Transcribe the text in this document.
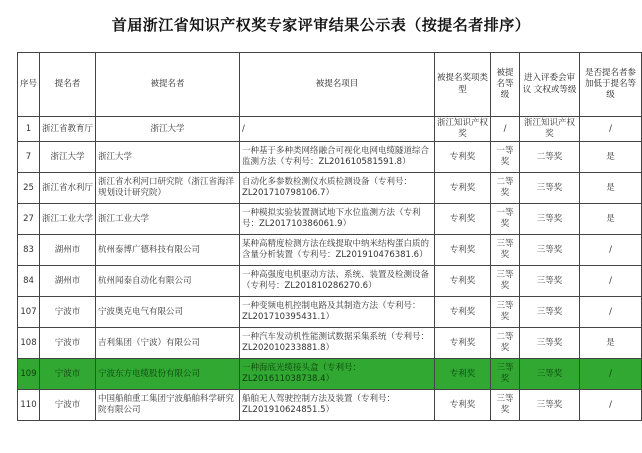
首届浙江省知识产权奖专家评审结果公示表（按提名者排序）
序号	提名者	被提名者	被提名项目	被提名奖项类型	被提名等级	进入评委会审议 文权或等级	是否提名者参加低于提名等级
1	浙江省教育厅	浙江大学	/	浙江知识产权奖	/	浙江知识产权奖	/
7	浙江大学	浙江大学	一种基于多种类网络融合可视化电网电缆隧道综合监测方法（专利号：ZL201610581591.8）	专利奖	一等奖	二等奖	是
25	浙江省水利厅	浙江省水利河口研究院（浙江省海洋规划设计研究院）	自动化多参数检测仪水质检测设备（专利号：ZL201710798106.7）	专利奖	二等奖	三等奖	是
27	浙江工业大学	浙江工业大学	一种模拟实验装置测试地下水位监测方法（专利号：ZL201710386061.9）	专利奖	一等奖	三等奖	是
83	湖州市	杭州泰博广德科技有限公司	某种高精度检测方法在线提取中纳米结构蛋白质的含量分析装置（专利号：ZL201910476381.6）	专利奖	三等奖	三等奖	/
84	湖州市	杭州闻泰自动化有限公司	一种高强度电机驱动方法、系统、装置及检测设备（专利号：ZL201810286270.6）	专利奖	三等奖	三等奖	/
107	宁波市	宁波奥克电气有限公司	一种变频电机控制电路及其制造方法（专利号：ZL201710395431.1）	专利奖	三等奖	三等奖	/
108	宁波市	吉利集团（宁波）有限公司	一种汽车发动机性能测试数据采集系统（专利号：ZL202010233881.8）	专利奖	二等奖	三等奖	是
109	宁波市	宁波东方电缆股份有限公司	一种海底光缆接头盒（专利号：ZL201611038738.4）	专利奖	三等奖	三等奖	/
110	宁波市	中国船舶重工集团宁波船舶科学研究院有限公司	船舶无人驾驶控制方法及装置（专利号：ZL201910624851.5）	专利奖	三等奖	三等奖	/
